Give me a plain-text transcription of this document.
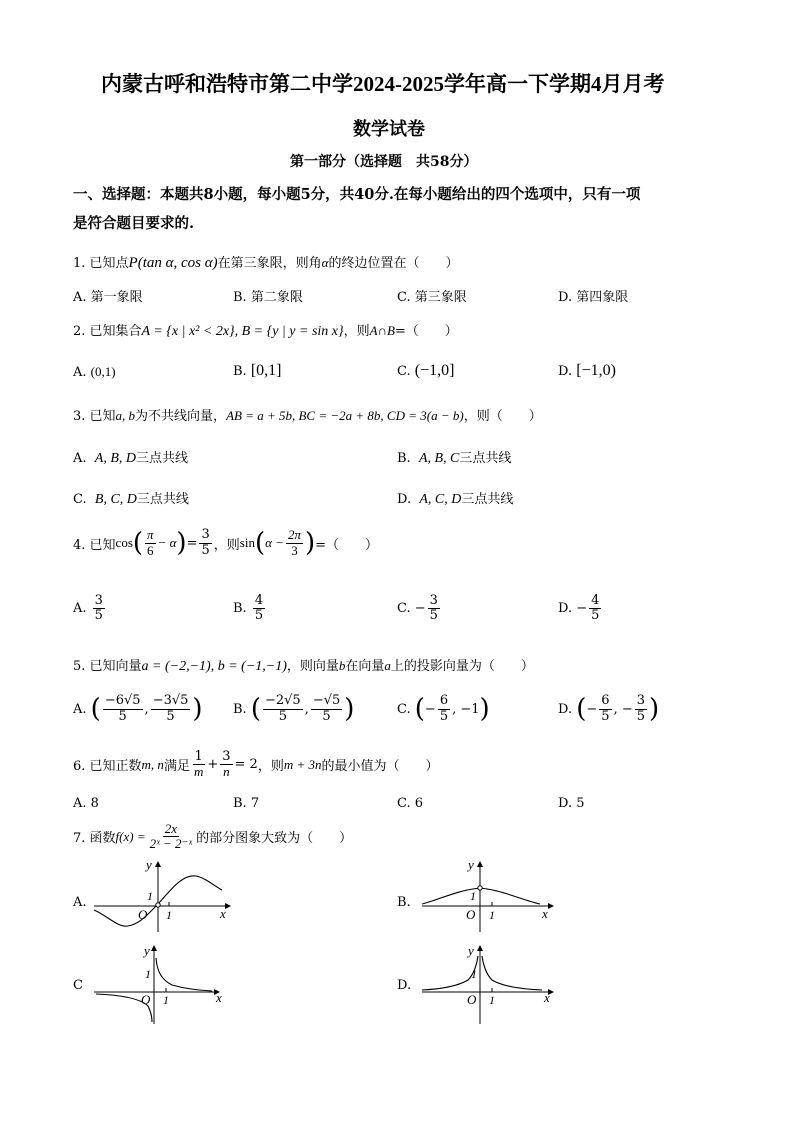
内蒙古呼和浩特市第二中学2024-2025学年高一下学期4月月考
数学试卷
第一部分（选择题　共58分）
一、选择题：本题共8小题，每小题5分，共40分.在每小题给出的四个选项中，只有一项
是符合题目要求的.
1. 已知点P(tan α, cos α)在第三象限，则角α的终边位置在（　　）
A. 第一象限	B. 第二象限	C. 第三象限	D. 第四象限
2. 已知集合A = {x | x² < 2x}, B = {y | y = sin x}，则A∩B=（　　）
A. (0,1)	B. [0,1]	C. (−1,0]	D. [−1,0)
3. 已知a, b为不共线向量，AB = a + 5b, BC = −2a + 8b, CD = 3(a − b)，则（　　）
A. A, B, D三点共线	B. A, B, C三点共线
C. B, C, D三点共线	D. A, C, D三点共线
4. 已知 cos ( $\frac{\pi}{6} - \alpha$ ) = $\frac{3}{5}$ ，则 sin ( $\alpha - \frac{2\pi}{3}$ ) =（　　）
A.
$\frac{3}{5}$	B.
$\frac{4}{5}$	C.
− $\frac{3}{5}$	D.
− $\frac{4}{5}$
5. 已知向量a = (−2,−1), b = (−1,−1)，则向量b在向量a上的投影向量为（　　）
A.
( $\frac{-6√5}{5}$ , $\frac{-3√5}{5}$ ) B.
( $\frac{-2√5}{5}$ , $\frac{-√5}{5}$ )	C.
( − $\frac{6}{5}$ , −1 )	D.
( − $\frac{6}{5}$ , − $\frac{3}{5}$ )
6. 已知正数 m, n 满足 $\frac{1}{m} + \frac{3}{n} = 2$ ，则 m + 3n 的最小值为（　　）
A. 8	B. 7	C. 6	D. 5
7. 函数 $f(x) = \frac{2x}{\text{2ˣ − 2⁻ˣ}}$ 的部分图象大致为（　　）
A.	B.
C	D.
y
x
O
1
1
y
x
O
1
1
y
x
O
1
1
y
x
O
1
1
